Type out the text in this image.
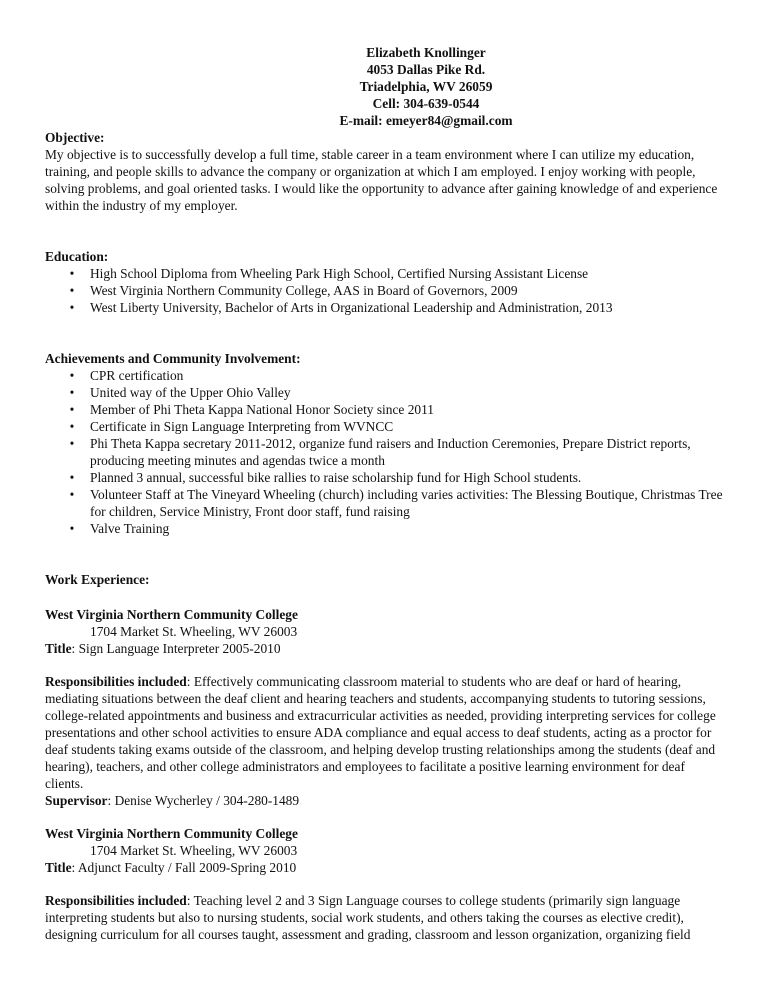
Elizabeth Knollinger
4053 Dallas Pike Rd.
Triadelphia, WV 26059
Cell: 304-639-0544
E-mail: emeyer84@gmail.com
Objective:

My objective is to successfully develop a full time, stable career in a team environment where I can utilize my education, training, and people skills to advance the company or organization at which I am employed. I enjoy working with people, solving problems, and goal oriented tasks. I would like the opportunity to advance after gaining knowledge of and experience within the industry of my employer.

Education:
• High School Diploma from Wheeling Park High School, Certified Nursing Assistant License
• West Virginia Northern Community College, AAS in Board of Governors, 2009
• West Liberty University, Bachelor of Arts in Organizational Leadership and Administration, 2013
Achievements and Community Involvement:
• CPR certification
• United way of the Upper Ohio Valley
• Member of Phi Theta Kappa National Honor Society since 2011
• Certificate in Sign Language Interpreting from WVNCC
• Phi Theta Kappa secretary 2011-2012, organize fund raisers and Induction Ceremonies, Prepare District reports, producing meeting minutes and agendas twice a month
• Planned 3 annual, successful bike rallies to raise scholarship fund for High School students.
• Volunteer Staff at The Vineyard Wheeling (church) including varies activities: The Blessing Boutique, Christmas Tree for children, Service Ministry, Front door staff, fund raising
• Valve Training
Work Experience:
West Virginia Northern Community College
1704 Market St. Wheeling, WV 26003
Title: Sign Language Interpreter 2005-2010

Responsibilities included: Effectively communicating classroom material to students who are deaf or hard of hearing, mediating situations between the deaf client and hearing teachers and students, accompanying students to tutoring sessions, college-related appointments and business and extracurricular activities as needed, providing interpreting services for college presentations and other school activities to ensure ADA compliance and equal access to deaf students, acting as a proctor for deaf students taking exams outside of the classroom, and helping develop trusting relationships among the students (deaf and hearing), teachers, and other college administrators and employees to facilitate a positive learning environment for deaf clients.

Supervisor: Denise Wycherley / 304-280-1489
West Virginia Northern Community College
1704 Market St. Wheeling, WV 26003
Title: Adjunct Faculty / Fall 2009-Spring 2010

Responsibilities included: Teaching level 2 and 3 Sign Language courses to college students (primarily sign language interpreting students but also to nursing students, social work students, and others taking the courses as elective credit), designing curriculum for all courses taught, assessment and grading, classroom and lesson organization, organizing field
